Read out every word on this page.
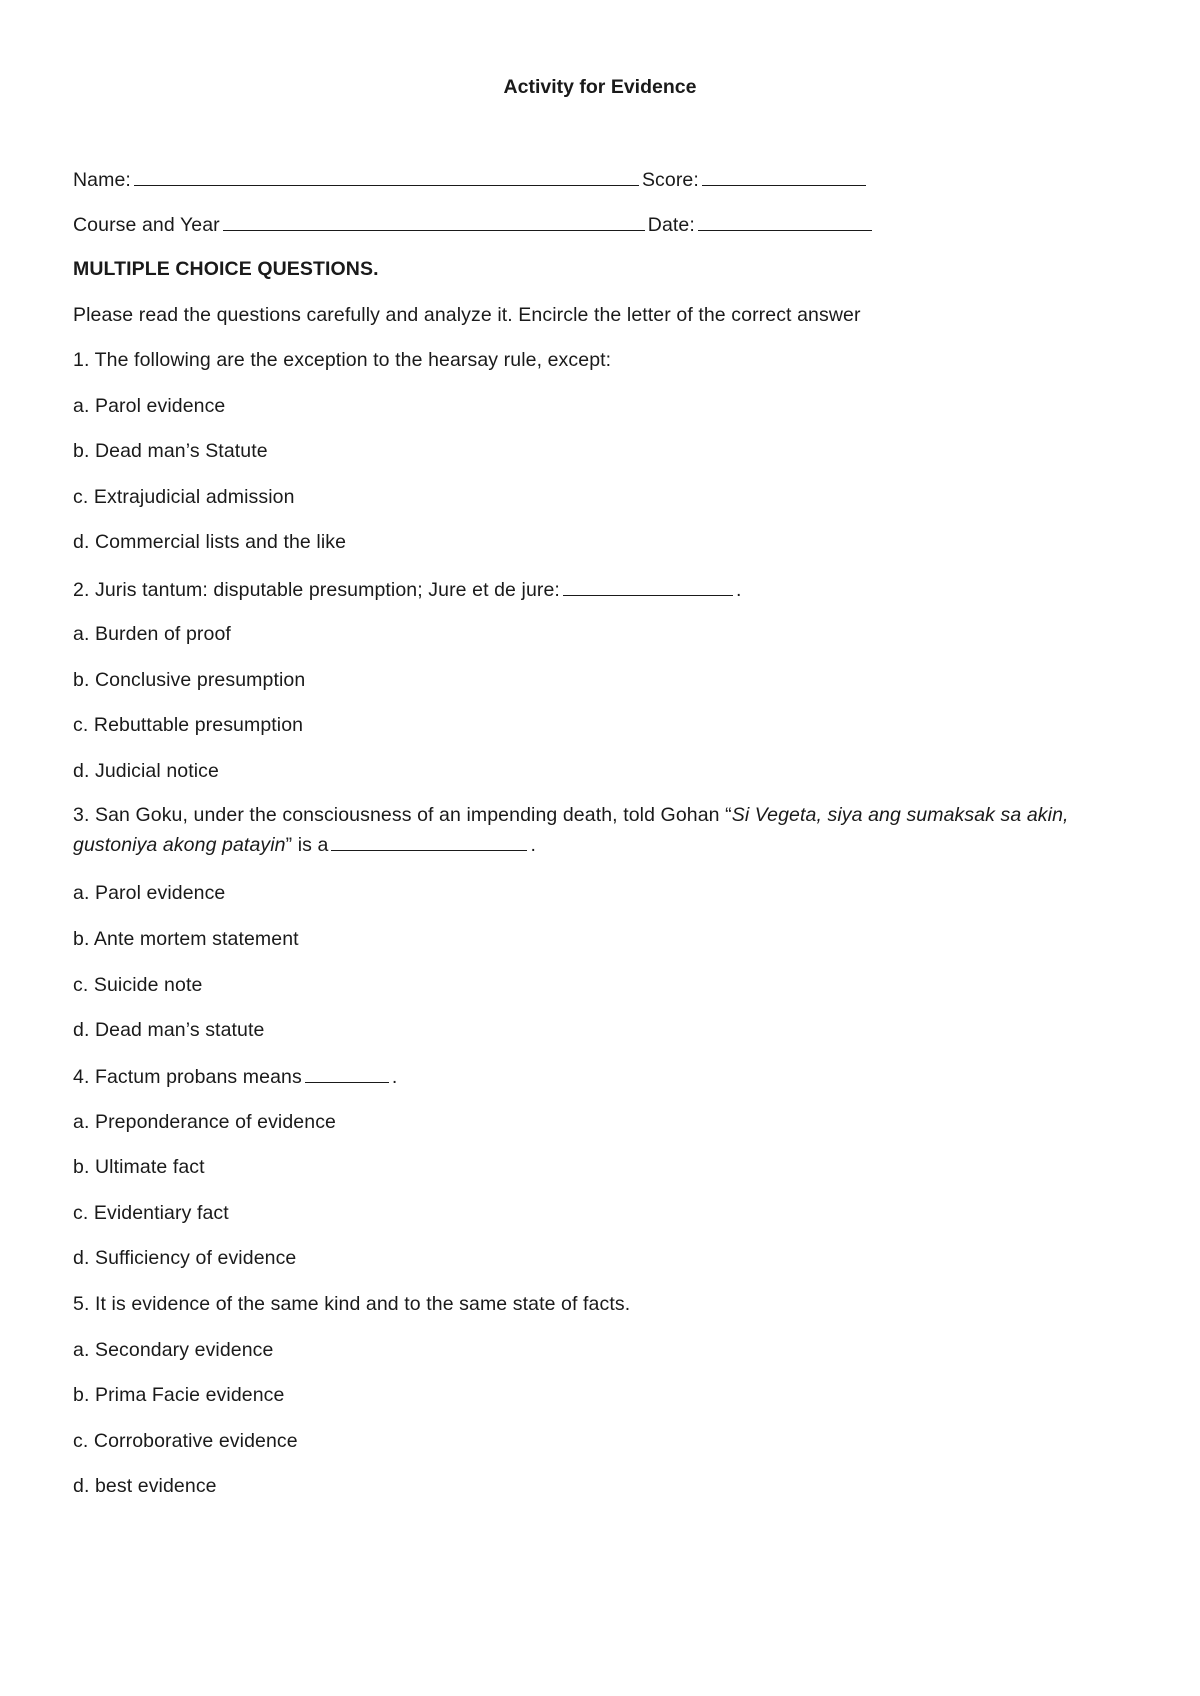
Activity for Evidence
Name:	Score:
Course and Year	Date:
MULTIPLE CHOICE QUESTIONS.
Please read the questions carefully and analyze it. Encircle the letter of the correct answer
1. The following are the exception to the hearsay rule, except:
a. Parol evidence
b. Dead man’s Statute
c. Extrajudicial admission
d. Commercial lists and the like
2. Juris tantum: disputable presumption; Jure et de jure:	.
a. Burden of proof
b. Conclusive presumption
c. Rebuttable presumption
d. Judicial notice
3. San Goku, under the consciousness of an impending death, told Gohan “Si Vegeta, siya ang sumaksak sa akin, gustoniya akong patayin” is a	.
a. Parol evidence
b. Ante mortem statement
c. Suicide note
d. Dead man’s statute
4. Factum probans means	.
a. Preponderance of evidence
b. Ultimate fact
c. Evidentiary fact
d. Sufficiency of evidence
5. It is evidence of the same kind and to the same state of facts.
a. Secondary evidence
b. Prima Facie evidence
c. Corroborative evidence
d. best evidence
